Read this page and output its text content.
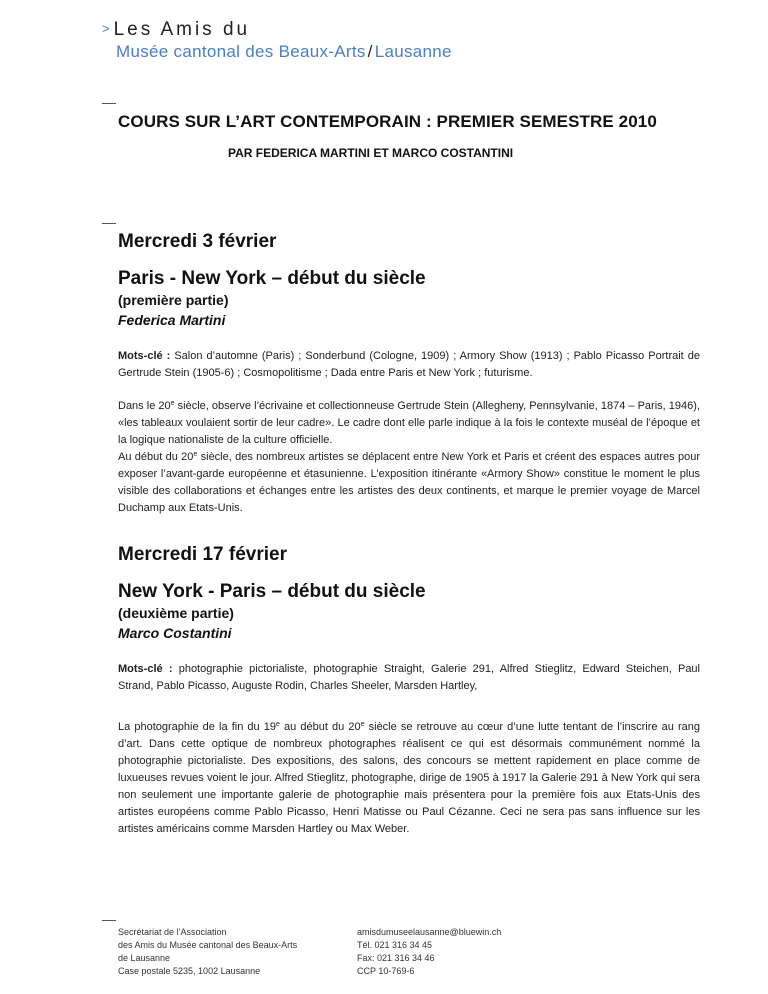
> Les Amis du
Musée cantonal des Beaux-Arts / Lausanne
COURS SUR L’ART CONTEMPORAIN : PREMIER SEMESTRE 2010
PAR FEDERICA MARTINI ET MARCO COSTANTINI
Mercredi 3 février
Paris - New York – début du siècle
(première partie)
Federica Martini
Mots-clé : Salon d’automne (Paris) ; Sonderbund (Cologne, 1909) ; Armory Show (1913) ; Pablo Picasso Portrait de Gertrude Stein (1905-6) ; Cosmopolitisme ; Dada entre Paris et New York ; futurisme.

Dans le 20e siècle, observe l’écrivaine et collectionneuse Gertrude Stein (Allegheny, Pennsylvanie, 1874 – Paris, 1946), «les tableaux voulaient sortir de leur cadre». Le cadre dont elle parle indique à la fois le contexte muséal de l’époque et la logique nationaliste de la culture officielle.

Au début du 20e siècle, des nombreux artistes se déplacent entre New York et Paris et créent des espaces autres pour exposer l’avant-garde européenne et étasunienne. L’exposition itinérante «Armory Show» constitue le moment le plus visible des collaborations et échanges entre les artistes des deux continents, et marque le premier voyage de Marcel Duchamp aux Etats-Unis.

Mercredi 17 février
New York - Paris – début du siècle
(deuxième partie)
Marco Costantini
Mots-clé : photographie pictorialiste, photographie Straight, Galerie 291, Alfred Stieglitz, Edward Steichen, Paul Strand, Pablo Picasso, Auguste Rodin, Charles Sheeler, Marsden Hartley,

La photographie de la fin du 19e au début du 20e siècle se retrouve au cœur d’une lutte tentant de l’inscrire au rang d’art. Dans cette optique de nombreux photographes réalisent ce qui est désormais communément nommé la photographie pictorialiste. Des expositions, des salons, des concours se mettent rapidement en place comme de luxueuses revues voient le jour. Alfred Stieglitz, photographe, dirige de 1905 à 1917 la Galerie 291 à New York qui sera non seulement une importante galerie de photographie mais présentera pour la première fois aux Etats-Unis des artistes européens comme Pablo Picasso, Henri Matisse ou Paul Cézanne. Ceci ne sera pas sans influence sur les artistes américains comme Marsden Hartley ou Max Weber.

Secrétariat de l’Association
des Amis du Musée cantonal des Beaux-Arts
de Lausanne
Case postale 5235, 1002 Lausanne
amisdumuseelausanne@bluewin.ch
Tél. 021 316 34 45
Fax: 021 316 34 46
CCP 10-769-6
